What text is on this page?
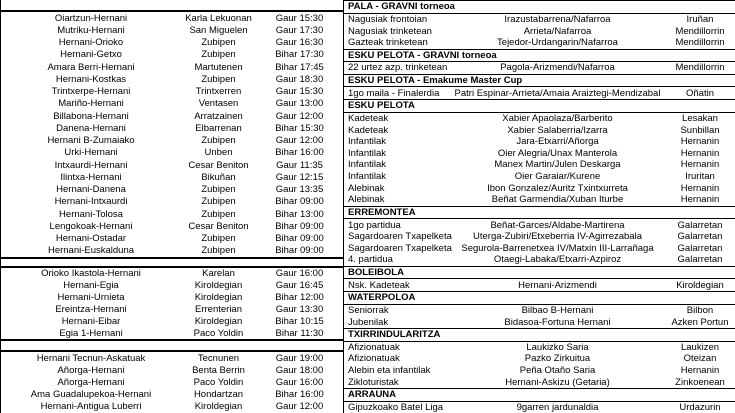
Oiartzun-Hernani	Karla Lekuonan	Gaur 15:30
Mutriku-Hernani	San Miguelen	Gaur 17:30
Hernani-Orioko	Zubipen	Gaur 16:30
Hernani-Getxo	Zubipen	Bihar 17:30
Amara Berri-Hernani	Martutenen	Bihar 17:45
Hernani-Kostkas	Zubipen	Gaur 18:30
Trintxerpe-Hernani	Trintxerren	Gaur 15:30
Mariño-Hernani	Ventasen	Gaur 13:00
Billabona-Hernani	Arratzainen	Gaur 12:00
Danena-Hernani	Elbarrenan	Bihar 15:30
Hernani B-Zumaiako	Zubipen	Gaur 12:00
Urki-Hernani	Unben	Bihar 16:00
Intxaurdi-Hernani	Cesar Beniton	Gaur 11:35
Ilintxa-Hernani	Bikuñan	Gaur 12:15
Hernani-Danena	Zubipen	Gaur 13:35
Hernani-Intxaurdi	Zubipen	Bihar 09:00
Hernani-Tolosa	Zubipen	Bihar 13:00
Lengokoak-Hernani	Cesar Beniton	Bihar 09:00
Hernani-Ostadar	Zubipen	Bihar 09:00
Hernani-Euskalduna	Zubipen	Bihar 09:00
Orioko Ikastola-Hernani	Karelan	Gaur 16:00
Hernani-Egia	Kiroldegian	Gaur 16:45
Hernani-Urnieta	Kiroldegian	Bihar 12:00
Ereintza-Hernani	Errenterian	Gaur 13:30
Hernani-Eibar	Kiroldegian	Bihar 10:15
Egia 1-Hernani	Paco Yoldin	Bihar 11:30
Hernani Tecnun-Askatuak	Tecnunen	Gaur 19:00
Añorga-Hernani	Benta Berrin	Gaur 18:00
Añorga-Hernani	Paco Yoldin	Gaur 16:00
Ama Guadalupekoa-Hernani	Hondartzan	Bihar 16:00
Hernani-Antigua Luberri	Kiroldegian	Gaur 12:00
PALA - GRAVNI torneoa
Nagusiak frontoian	Irazustabarrena/Nafarroa	Iruñan
Nagusiak trinketean	Arrieta/Nafarroa	Mendillorrin
Gazteak trinketean	Tejedor-Urdangarin/Nafarroa	Mendillorrin
ESKU PELOTA - GRAVNI torneoa
22 urtez azp. trinketean	Pagola-Arizmendi/Nafarroa	Mendillorrin
ESKU PELOTA - Emakume Master Cup
1go maila - Finalerdia	Patri Espinar-Arrieta/Amaia Araiztegi-Mendizabal	Oñatin
ESKU PELOTA
Kadeteak	Xabier Apaolaza/Barberito	Lesakan
Kadeteak	Xabier Salaberria/Izarra	Sunbillan
Infantilak	Jara-Etxarri/Añorga	Hernanin
Infantilak	Oier Alegria/Unax Manterola	Hernanin
Infantilak	Manex Martin/Julen Deskarga	Hernanin
Infantilak	Oier Garaiar/Kurene	Iruritan
Alebinak	Ibon Gonzalez/Auritz Txintxurreta	Hernanin
Alebinak	Beñat Garmendia/Xuban Iturbe	Hernanin
ERREMONTEA
1go partidua	Beñat-Garces/Aldabe-Martirena	Galarretan
Sagardoaren Txapelketa	Uterga-Zubiri/Etxeberria IV-Agirrezabala	Galarretan
Sagardoaren Txapelketa	Segurola-Barrenetxea IV/Matxin III-Larrañaga	Galarretan
4. partidua	Otaegi-Labaka/Etxarri-Azpiroz	Galarretan
BOLEIBOLA
Nsk. Kadeteak	Hernani-Arizmendi	Kiroldegian
WATERPOLOA
Seniorrak	Bilbao B-Hernani	Bilbon
Jubenilak	Bidasoa-Fortuna Hernani	Azken Portun
TXIRRINDULARITZA
Afizionatuak	Laukizko Saria	Laukizen
Afizionatuak	Pazko Zirkuitua	Oteizan
Alebin eta infantilak	Peña Otaño Saria	Hernanin
Zikloturistak	Hernani-Askizu (Getaria)	Zinkoenean
ARRAUNA
Gipuzkoako Batel Liga	9garren jardunaldia	Urdazurin
